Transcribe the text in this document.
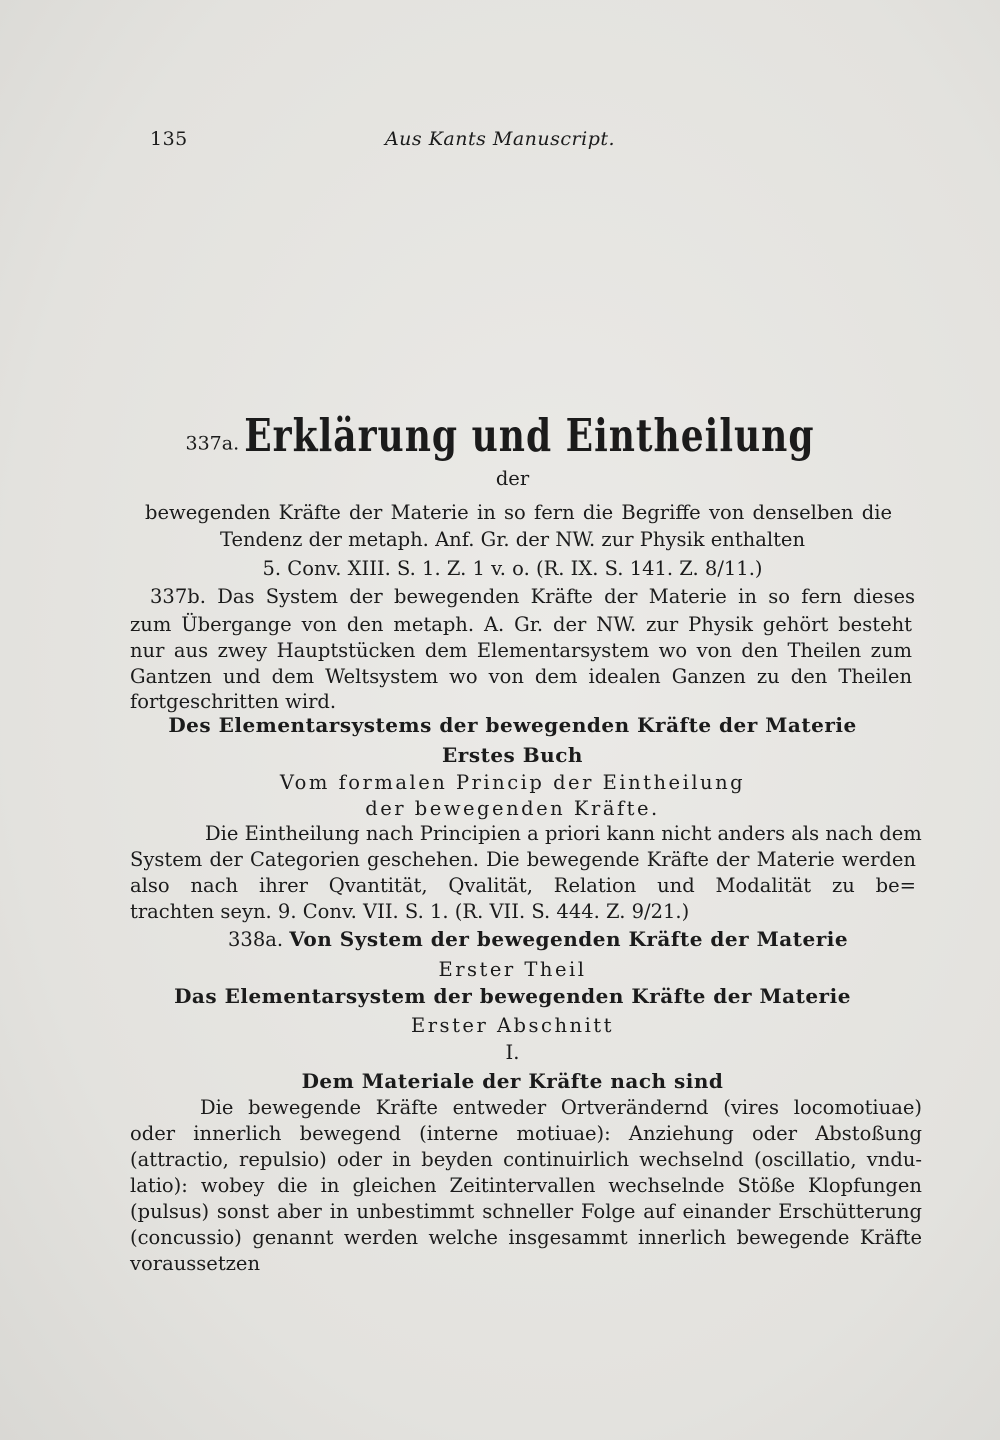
135	Aus Kants Manuscript.
337a. Erklärung und Eintheilung
der
bewegenden Kräfte der Materie in so fern die Begriffe von denselben die
Tendenz der metaph. Anf. Gr. der NW. zur Physik enthalten
5. Conv. XIII. S. 1. Z. 1 v. o. (R. IX. S. 141. Z. 8/11.)
337b. Das System der bewegenden Kräfte der Materie in so fern dieses
zum Übergange von den metaph. A. Gr. der NW. zur Physik gehört besteht
nur aus zwey Hauptstücken dem Elementarsystem wo von den Theilen zum
Gantzen und dem Weltsystem wo von dem idealen Ganzen zu den Theilen
fortgeschritten wird.
Des Elementarsystems der bewegenden Kräfte der Materie
Erstes Buch
Vom formalen Princip der Eintheilung
der bewegenden Kräfte.
Die Eintheilung nach Principien a priori kann nicht anders als nach dem
System der Categorien geschehen. Die bewegende Kräfte der Materie werden
also nach ihrer Qvantität, Qvalität, Relation und Modalität zu be=
trachten seyn. 9. Conv. VII. S. 1. (R. VII. S. 444. Z. 9/21.)
338a. Von System der bewegenden Kräfte der Materie
Erster Theil
Das Elementarsystem der bewegenden Kräfte der Materie
Erster Abschnitt
I.
Dem Materiale der Kräfte nach sind
Die bewegende Kräfte entweder Ortverändernd (vires locomotiuae)
oder innerlich bewegend (interne motiuae): Anziehung oder Abstoßung
(attractio, repulsio) oder in beyden continuirlich wechselnd (oscillatio, vndu-
latio): wobey die in gleichen Zeitintervallen wechselnde Stöße Klopfungen
(pulsus) sonst aber in unbestimmt schneller Folge auf einander Erschütterung
(concussio) genannt werden welche insgesammt innerlich bewegende Kräfte
voraussetzen
